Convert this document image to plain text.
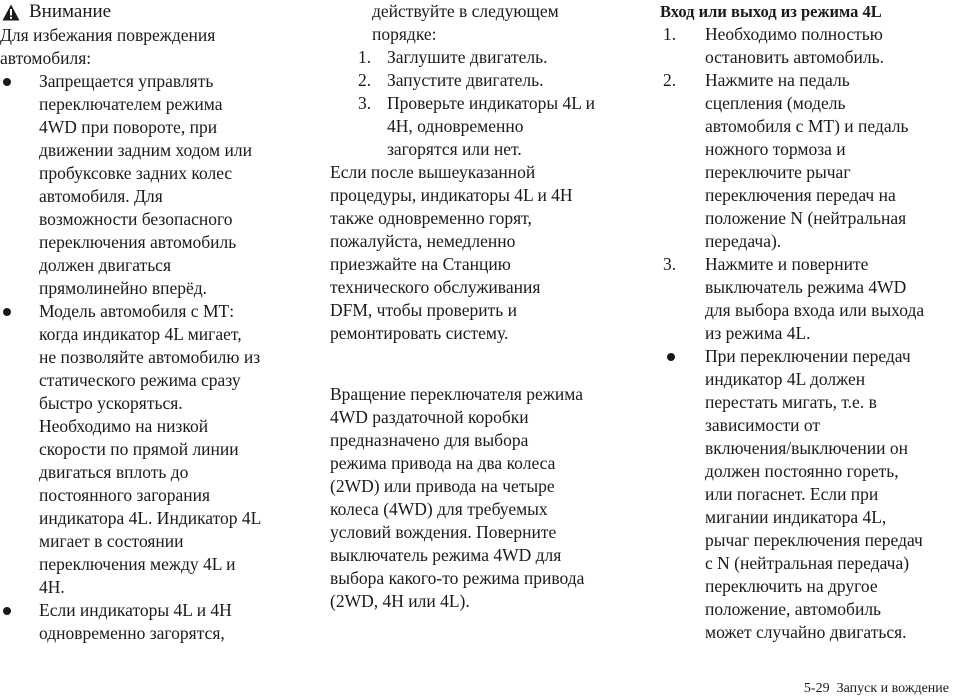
Внимание

Для избежания повреждения

автомобиля:

Запрещается управлять

переключателем режима

4WD при повороте, при

движении задним ходом или

пробуксовке задних колес

автомобиля. Для

возможности безопасного

переключения автомобиль

должен двигаться

прямолинейно вперёд.

Модель автомобиля с МТ:

когда индикатор 4L мигает,

не позволяйте автомобилю из

статического режима сразу

быстро ускоряться.

Необходимо на низкой

скорости по прямой линии

двигаться вплоть до

постоянного загорания

индикатора 4L. Индикатор 4L

мигает в состоянии

переключения между 4L и

4H.

Если индикаторы 4L и 4H

одновременно загорятся,

действуйте в следующем

порядке:

1. Заглушите двигатель.

2. Запустите двигатель.

3. Проверьте индикаторы 4L и

4H, одновременно

загорятся или нет.

Если после вышеуказанной

процедуры, индикаторы 4L и 4H

также одновременно горят,

пожалуйста, немедленно

приезжайте на Станцию

технического обслуживания

DFM, чтобы проверить и

ремонтировать систему.

Вращение переключателя режима

4WD раздаточной коробки

предназначено для выбора

режима привода на два колеса

(2WD) или привода на четыре

колеса (4WD) для требуемых

условий вождения. Поверните

выключатель режима 4WD для

выбора какого-то режима привода

(2WD, 4H или 4L).

Вход или выход из режима 4L
1. Необходимо полностью

остановить автомобиль.

2. Нажмите на педаль

сцепления (модель

автомобиля с МТ) и педаль

ножного тормоза и

переключите рычаг

переключения передач на

положение N (нейтральная

передача).

3. Нажмите и поверните

выключатель режима 4WD

для выбора входа или выхода

из режима 4L.

При переключении передач

индикатор 4L должен

перестать мигать, т.е. в

зависимости от

включения/выключении он

должен постоянно гореть,

или погаснет. Если при

мигании индикатора 4L,

рычаг переключения передач

с N (нейтральная передача)

переключить на другое

положение, автомобиль

может случайно двигаться.

5-29 Запуск и вождение
